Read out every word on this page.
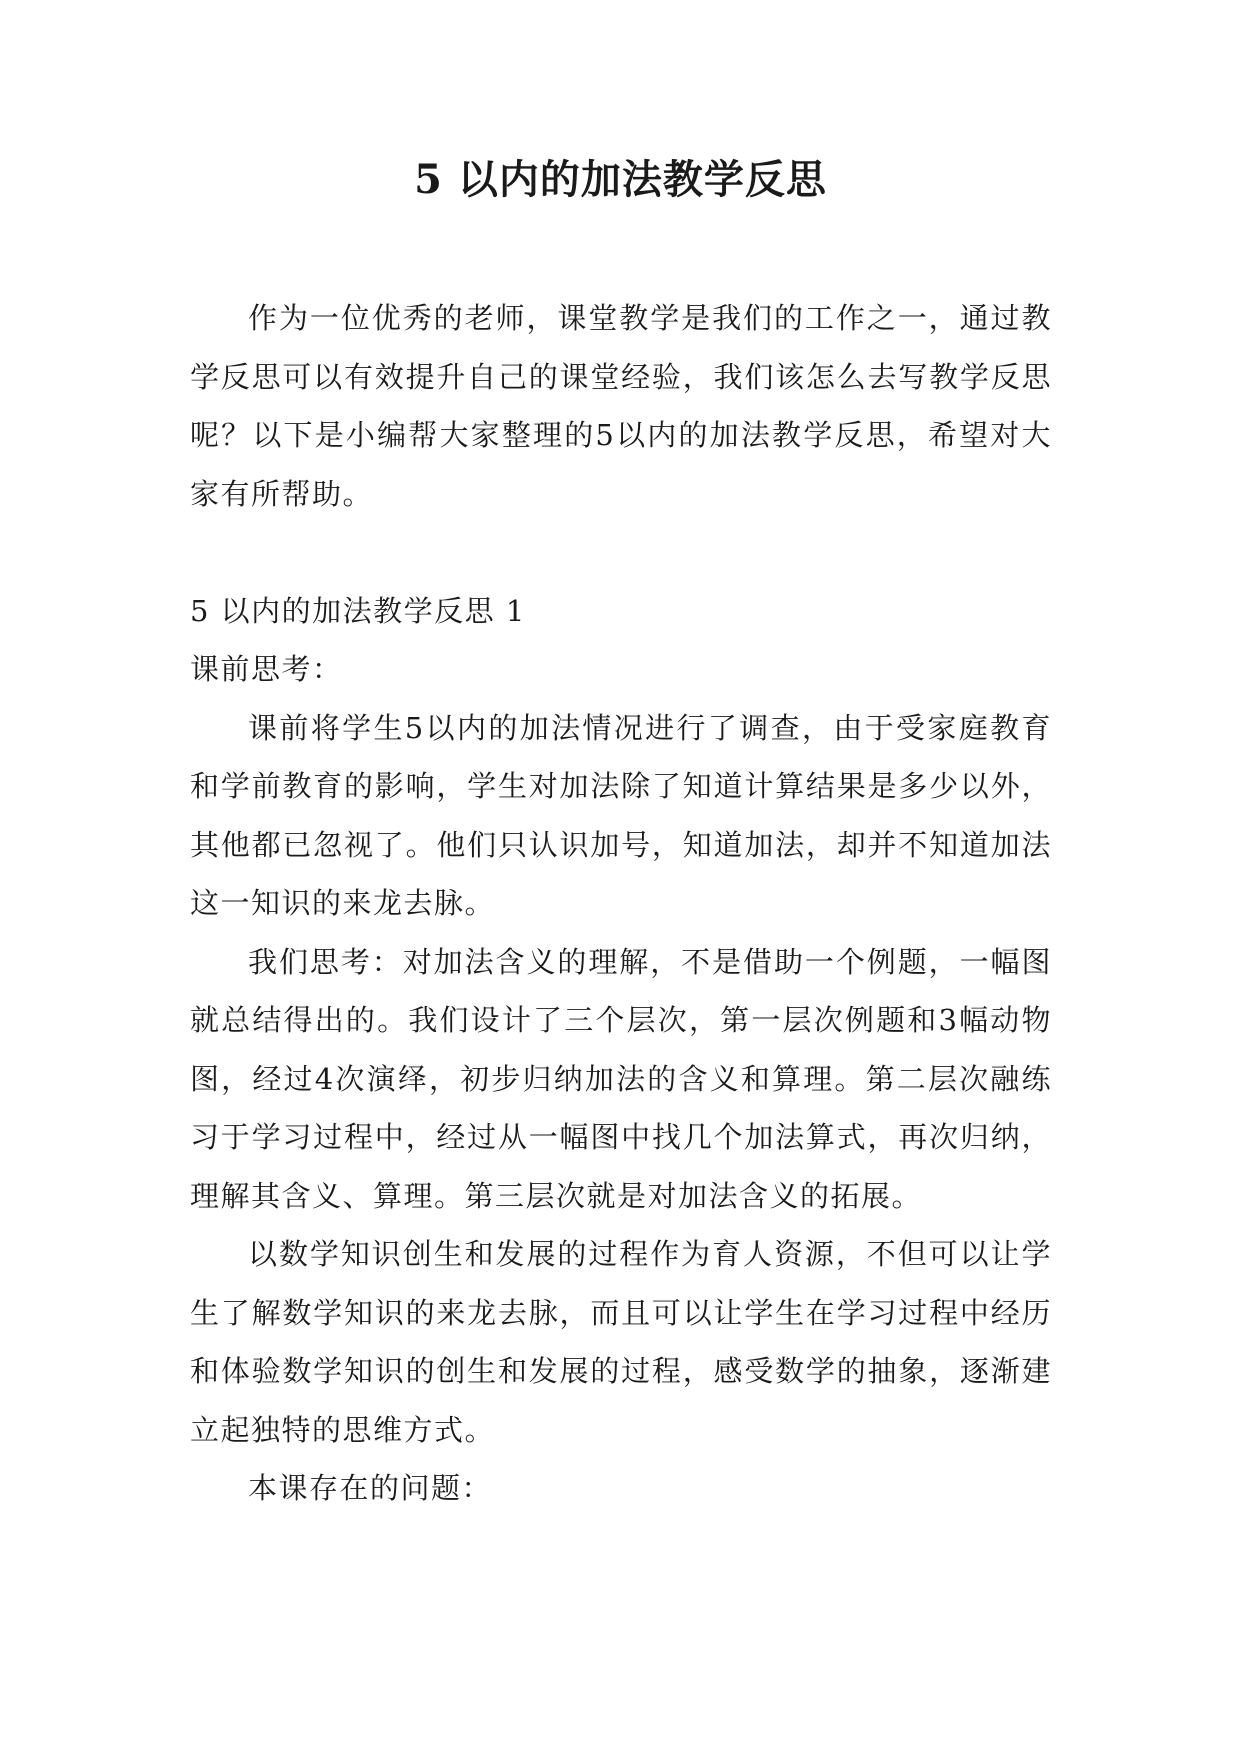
5 以内的加法教学反思

作为一位优秀的老师，课堂教学是我们的工作之一，通过教学反思可以有效提升自己的课堂经验，我们该怎么去写教学反思呢？以下是小编帮大家整理的5以内的加法教学反思，希望对大家有所帮助。

5 以内的加法教学反思 1

课前思考：

课前将学生5以内的加法情况进行了调查，由于受家庭教育和学前教育的影响，学生对加法除了知道计算结果是多少以外，其他都已忽视了。他们只认识加号，知道加法，却并不知道加法这一知识的来龙去脉。

我们思考：对加法含义的理解，不是借助一个例题，一幅图就总结得出的。我们设计了三个层次，第一层次例题和3幅动物图，经过4次演绎，初步归纳加法的含义和算理。第二层次融练习于学习过程中，经过从一幅图中找几个加法算式，再次归纳，理解其含义、算理。第三层次就是对加法含义的拓展。

以数学知识创生和发展的过程作为育人资源，不但可以让学生了解数学知识的来龙去脉，而且可以让学生在学习过程中经历和体验数学知识的创生和发展的过程，感受数学的抽象，逐渐建立起独特的思维方式。

本课存在的问题：
